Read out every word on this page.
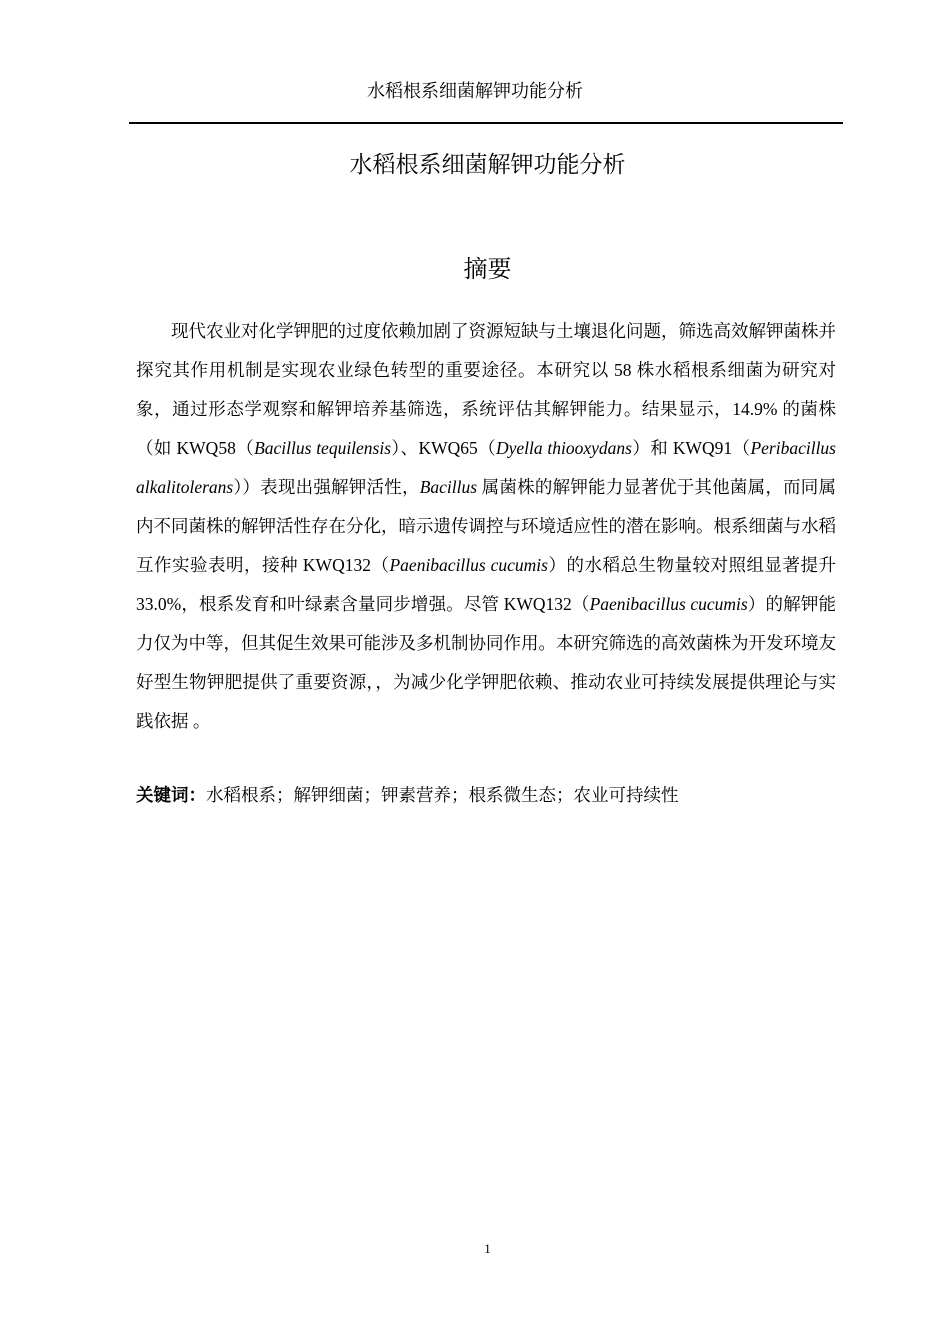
水稻根系细菌解钾功能分析
水稻根系细菌解钾功能分析
摘要

现代农业对化学钾肥的过度依赖加剧了资源短缺与土壤退化问题，筛选高效解钾菌株并探究其作用机制是实现农业绿色转型的重要途径。本研究以 58 株水稻根系细菌为研究对象，通过形态学观察和解钾培养基筛选，系统评估其解钾能力。结果显示，14.9% 的菌株（如 KWQ58（Bacillus tequilensis）、KWQ65（Dyella thiooxydans）和 KWQ91（Peribacillus alkalitolerans））表现出强解钾活性，Bacillus 属菌株的解钾能力显著优于其他菌属，而同属内不同菌株的解钾活性存在分化，暗示遗传调控与环境适应性的潜在影响。根系细菌与水稻互作实验表明，接种 KWQ132（Paenibacillus cucumis）的水稻总生物量较对照组显著提升 33.0%，根系发育和叶绿素含量同步增强。尽管 KWQ132（Paenibacillus cucumis）的解钾能力仅为中等，但其促生效果可能涉及多机制协同作用。本研究筛选的高效菌株为开发环境友好型生物钾肥提供了重要资源，，为减少化学钾肥依赖、推动农业可持续发展提供理论与实践依据 。

关键词：水稻根系；解钾细菌；钾素营养；根系微生态；农业可持续性

1
